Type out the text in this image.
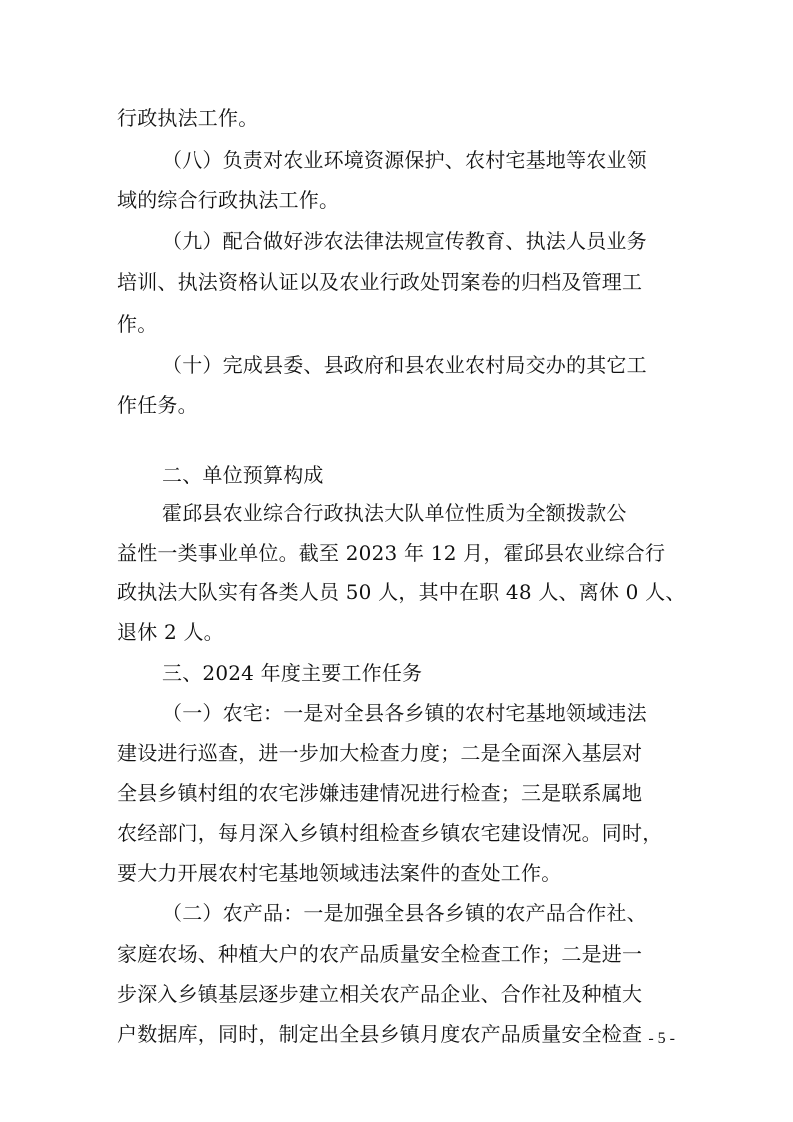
行政执法工作。
（八）负责对农业环境资源保护、农村宅基地等农业领
域的综合行政执法工作。
（九）配合做好涉农法律法规宣传教育、执法人员业务
培训、执法资格认证以及农业行政处罚案卷的归档及管理工
作。
（十）完成县委、县政府和县农业农村局交办的其它工
作任务。
二、单位预算构成
霍邱县农业综合行政执法大队单位性质为全额拨款公
益性一类事业单位。截至 2023 年 12 月，霍邱县农业综合行
政执法大队实有各类人员 50 人，其中在职 48 人、离休 0 人、
退休 2 人。
三、2024 年度主要工作任务
（一）农宅：一是对全县各乡镇的农村宅基地领域违法
建设进行巡查，进一步加大检查力度；二是全面深入基层对
全县乡镇村组的农宅涉嫌违建情况进行检查；三是联系属地
农经部门，每月深入乡镇村组检查乡镇农宅建设情况。同时，
要大力开展农村宅基地领域违法案件的查处工作。
（二）农产品：一是加强全县各乡镇的农产品合作社、
家庭农场、种植大户的农产品质量安全检查工作；二是进一
步深入乡镇基层逐步建立相关农产品企业、合作社及种植大
户数据库，同时，制定出全县乡镇月度农产品质量安全检查 - 5 -
